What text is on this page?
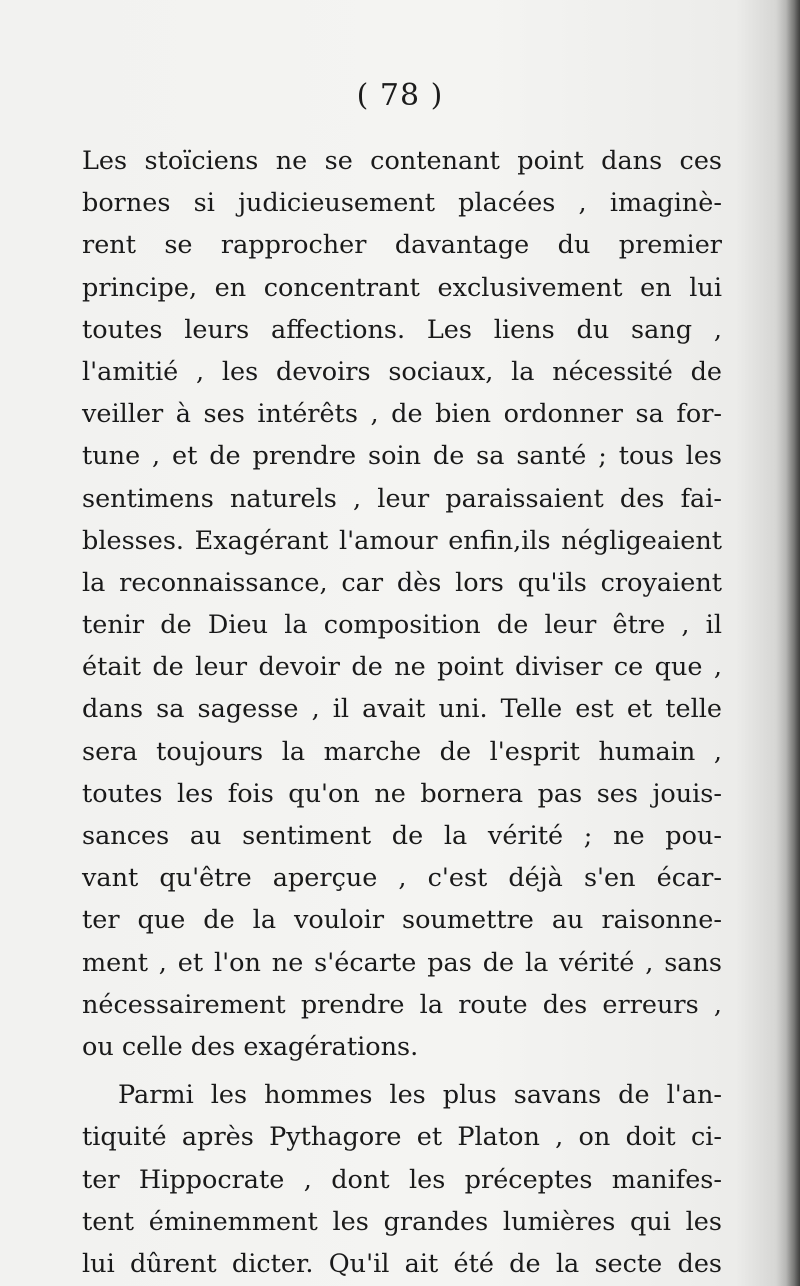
( 78 )
Les stoïciens ne se contenant point dans ces
bornes si judicieusement placées , imaginè-
rent se rapprocher davantage du premier
principe, en concentrant exclusivement en lui
toutes leurs affections. Les liens du sang ,
l'amitié , les devoirs sociaux, la nécessité de
veiller à ses intérêts , de bien ordonner sa for-
tune , et de prendre soin de sa santé ; tous les
sentimens naturels , leur paraissaient des fai-
blesses. Exagérant l'amour enfin,ils négligeaient
la reconnaissance, car dès lors qu'ils croyaient
tenir de Dieu la composition de leur être , il
était de leur devoir de ne point diviser ce que ,
dans sa sagesse , il avait uni. Telle est et telle
sera toujours la marche de l'esprit humain ,
toutes les fois qu'on ne bornera pas ses jouis-
sances au sentiment de la vérité ; ne pou-
vant qu'être aperçue , c'est déjà s'en écar-
ter que de la vouloir soumettre au raisonne-
ment , et l'on ne s'écarte pas de la vérité , sans
nécessairement prendre la route des erreurs ,
ou celle des exagérations.
Parmi les hommes les plus savans de l'an-
tiquité après Pythagore et Platon , on doit ci-
ter Hippocrate , dont les préceptes manifes-
tent éminemment les grandes lumières qui les
lui dûrent dicter. Qu'il ait été de la secte des
